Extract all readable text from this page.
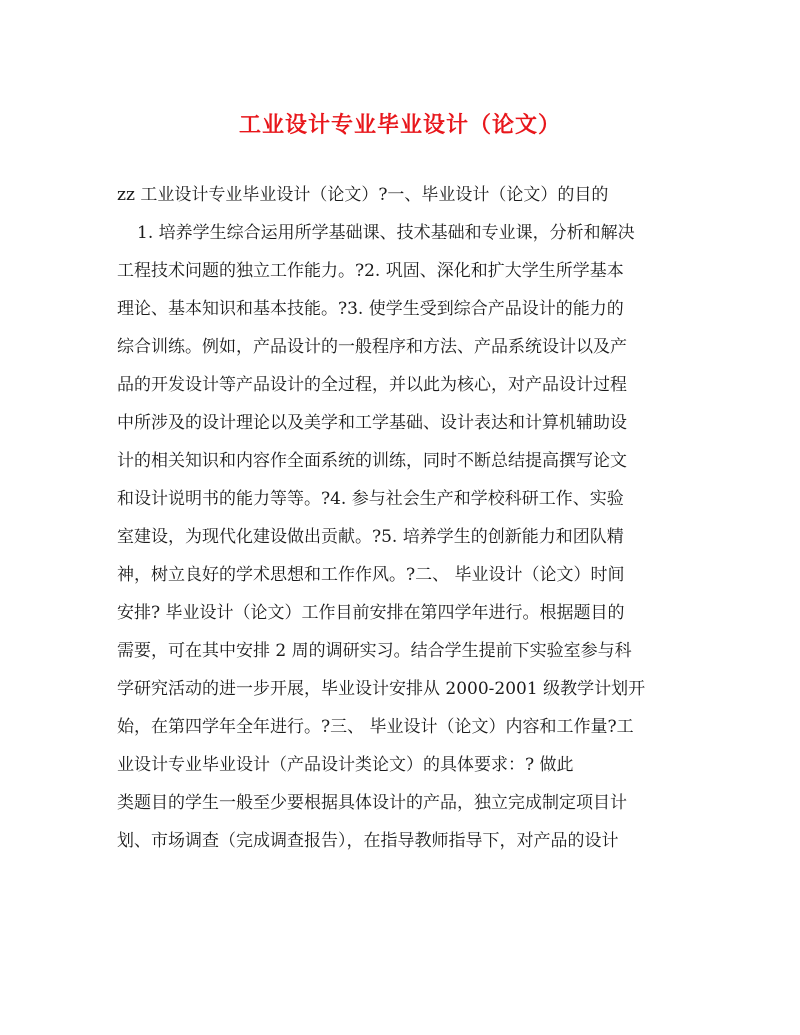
工业设计专业毕业设计（论文）
zz 工业设计专业毕业设计（论文）?一、毕业设计（论文）的目的
1. 培养学生综合运用所学基础课、技术基础和专业课，分析和解决
工程技术问题的独立工作能力。?2. 巩固、深化和扩大学生所学基本
理论、基本知识和基本技能。?3. 使学生受到综合产品设计的能力的
综合训练。例如，产品设计的一般程序和方法、产品系统设计以及产
品的开发设计等产品设计的全过程，并以此为核心，对产品设计过程
中所涉及的设计理论以及美学和工学基础、设计表达和计算机辅助设
计的相关知识和内容作全面系统的训练，同时不断总结提高撰写论文
和设计说明书的能力等等。?4. 参与社会生产和学校科研工作、实验
室建设，为现代化建设做出贡献。?5. 培养学生的创新能力和团队精
神，树立良好的学术思想和工作作风。?二、 毕业设计（论文）时间
安排? 毕业设计（论文）工作目前安排在第四学年进行。根据题目的
需要，可在其中安排 2 周的调研实习。结合学生提前下实验室参与科
学研究活动的进一步开展，毕业设计安排从 2000-2001 级教学计划开
始，在第四学年全年进行。?三、 毕业设计（论文）内容和工作量?工
业设计专业毕业设计（产品设计类论文）的具体要求：? 做此
类题目的学生一般至少要根据具体设计的产品，独立完成制定项目计
划、市场调查（完成调查报告），在指导教师指导下，对产品的设计
